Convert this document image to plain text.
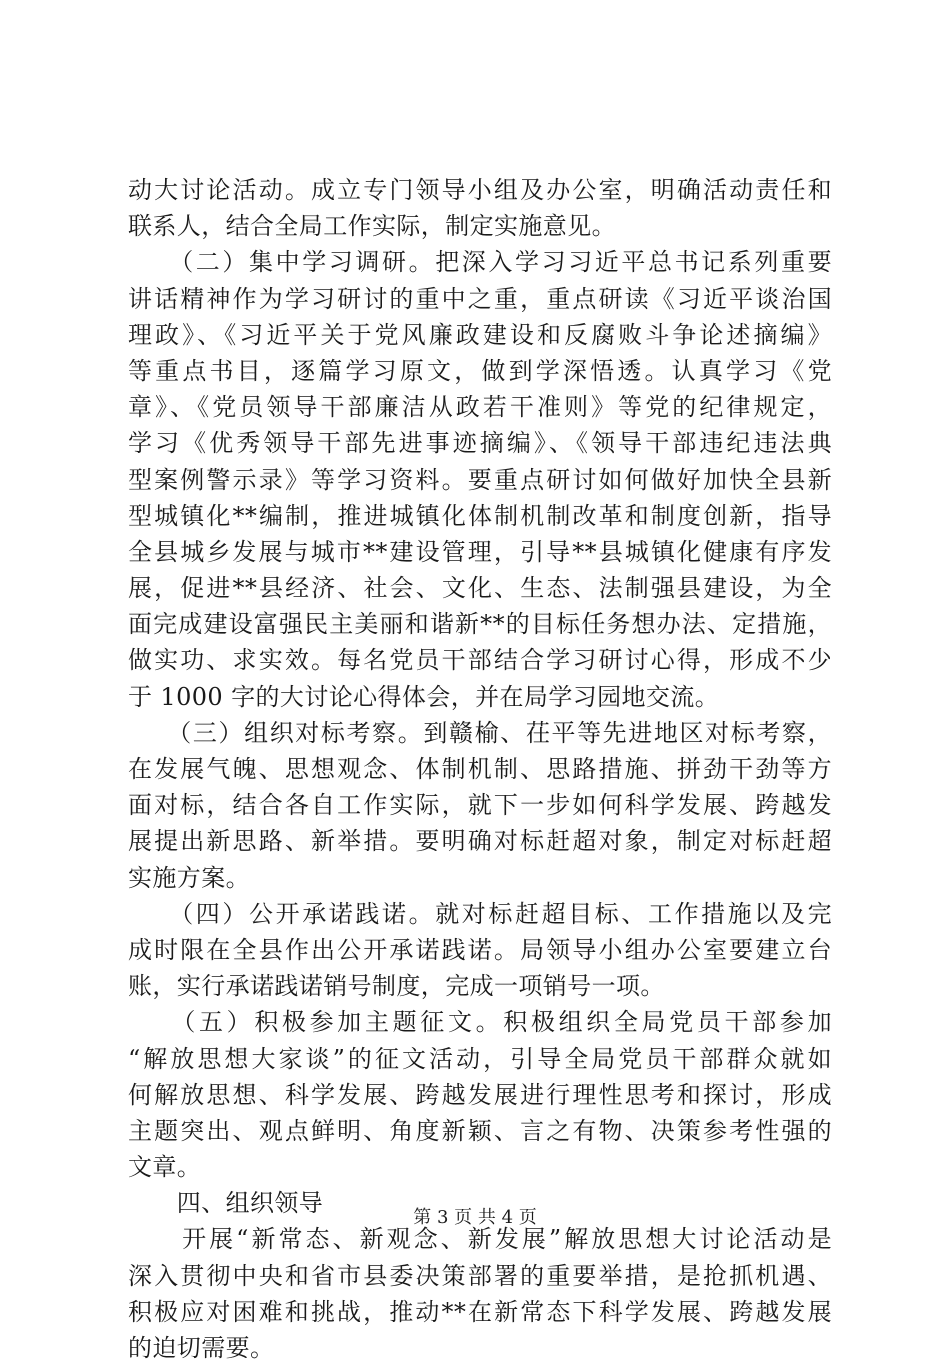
动大讨论活动。成立专门领导小组及办公室，明确活动责任和
联系人，结合全局工作实际，制定实施意见。
　　（二）集中学习调研。把深入学习习近平总书记系列重要
讲话精神作为学习研讨的重中之重，重点研读《习近平谈治国
理政》、《习近平关于党风廉政建设和反腐败斗争论述摘编》
等重点书目，逐篇学习原文，做到学深悟透。认真学习《党
章》、《党员领导干部廉洁从政若干准则》等党的纪律规定，
学习《优秀领导干部先进事迹摘编》、《领导干部违纪违法典
型案例警示录》等学习资料。要重点研讨如何做好加快全县新
型城镇化**编制，推进城镇化体制机制改革和制度创新，指导
全县城乡发展与城市**建设管理，引导**县城镇化健康有序发
展，促进**县经济、社会、文化、生态、法制强县建设，为全
面完成建设富强民主美丽和谐新**的目标任务想办法、定措施，
做实功、求实效。每名党员干部结合学习研讨心得，形成不少
于 1000 字的大讨论心得体会，并在局学习园地交流。
　　（三）组织对标考察。到赣榆、茌平等先进地区对标考察，
在发展气魄、思想观念、体制机制、思路措施、拼劲干劲等方
面对标，结合各自工作实际，就下一步如何科学发展、跨越发
展提出新思路、新举措。要明确对标赶超对象，制定对标赶超
实施方案。
　　（四）公开承诺践诺。就对标赶超目标、工作措施以及完
成时限在全县作出公开承诺践诺。局领导小组办公室要建立台
账，实行承诺践诺销号制度，完成一项销号一项。
　　（五）积极参加主题征文。积极组织全局党员干部参加
“解放思想大家谈”的征文活动，引导全局党员干部群众就如
何解放思想、科学发展、跨越发展进行理性思考和探讨，形成
主题突出、观点鲜明、角度新颖、言之有物、决策参考性强的
文章。
　　四、组织领导
　　开展“新常态、新观念、新发展”解放思想大讨论活动是
深入贯彻中央和省市县委决策部署的重要举措，是抢抓机遇、
积极应对困难和挑战，推动**在新常态下科学发展、跨越发展
的迫切需要。
第 3 页 共 4 页
